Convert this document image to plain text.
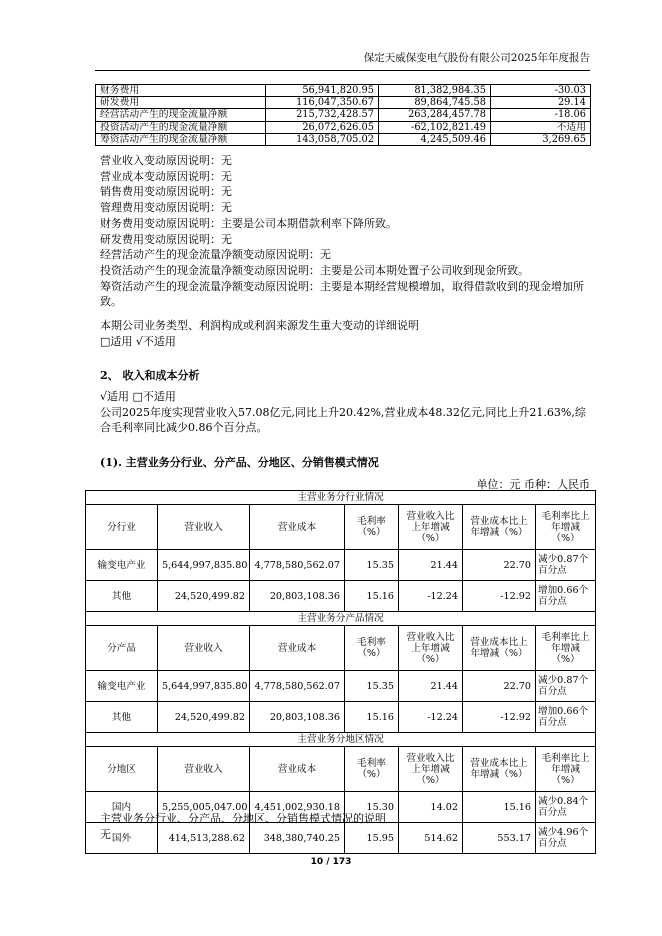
保定天威保变电气股份有限公司2025年年度报告
财务费用	56,941,820.95	81,382,984.35	-30.03
研发费用	116,047,350.67	89,864,745.58	29.14
经营活动产生的现金流量净额	215,732,428.57	263,284,457.78	-18.06
投资活动产生的现金流量净额	26,072,626.05	-62,102,821.49	不适用
筹资活动产生的现金流量净额	143,058,705.02	4,245,509.46	3,269.65
营业收入变动原因说明：无
营业成本变动原因说明：无
销售费用变动原因说明：无
管理费用变动原因说明：无
财务费用变动原因说明：主要是公司本期借款利率下降所致。
研发费用变动原因说明：无
经营活动产生的现金流量净额变动原因说明：无
投资活动产生的现金流量净额变动原因说明：主要是公司本期处置子公司收到现金所致。
筹资活动产生的现金流量净额变动原因说明：主要是本期经营规模增加，取得借款收到的现金增加所致。
本期公司业务类型、利润构成或利润来源发生重大变动的详细说明
□适用 √不适用
2、 收入和成本分析
√适用 □不适用
公司2025年度实现营业收入57.08亿元,同比上升20.42%,营业成本48.32亿元,同比上升21.63%,综合毛利率同比减少0.86个百分点。
(1). 主营业务分行业、分产品、分地区、分销售模式情况
单位：元 币种：人民币
主营业务分行业情况						
分行业	营业收入	营业成本	毛利率（%）	营业收入比上年增减（%）	营业成本比上年增减（%）	毛利率比上年增减（%）
输变电产业	5,644,997,835.80	4,778,580,562.07	15.35	21.44	22.70	减少0.87个百分点
其他	24,520,499.82	20,803,108.36	15.16	-12.24	-12.92	增加0.66个百分点
主营业务分产品情况						
分产品	营业收入	营业成本	毛利率（%）	营业收入比上年增减（%）	营业成本比上年增减（%）	毛利率比上年增减（%）
输变电产业	5,644,997,835.80	4,778,580,562.07	15.35	21.44	22.70	减少0.87个百分点
其他	24,520,499.82	20,803,108.36	15.16	-12.24	-12.92	增加0.66个百分点
主营业务分地区情况						
分地区	营业收入	营业成本	毛利率（%）	营业收入比上年增减（%）	营业成本比上年增减（%）	毛利率比上年增减（%）
国内	5,255,005,047.00	4,451,002,930.18	15.30	14.02	15.16	减少0.84个百分点
国外	414,513,288.62	348,380,740.25	15.95	514.62	553.17	减少4.96个百分点
主营业务分行业、分产品、分地区、分销售模式情况的说明
无
10 / 173
